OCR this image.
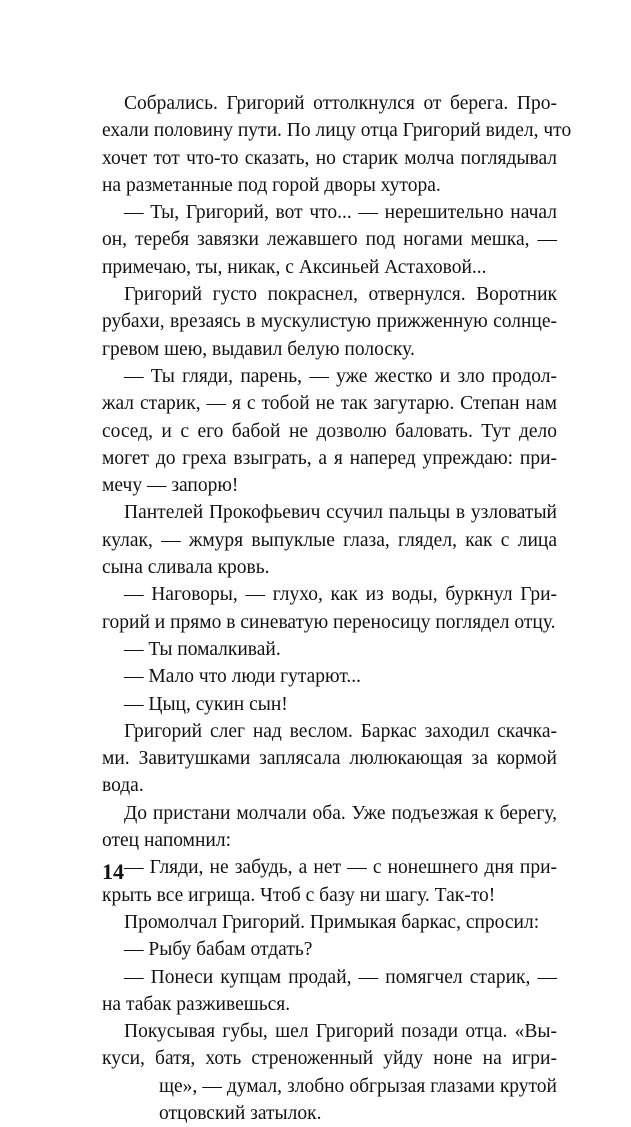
Собрались. Григорий оттолкнулся от берега. Про-
ехали половину пути. По лицу отца Григорий видел, что
хочет тот что-то сказать, но старик молча поглядывал
на разметанные под горой дворы хутора.
— Ты, Григорий, вот что... — нерешительно начал
он, теребя завязки лежавшего под ногами мешка, —
примечаю, ты, никак, с Аксиньей Астаховой...
Григорий густо покраснел, отвернулся. Воротник
рубахи, врезаясь в мускулистую прижженную солнце-
гревом шею, выдавил белую полоску.
— Ты гляди, парень, — уже жестко и зло продол-
жал старик, — я с тобой не так загутарю. Степан нам
сосед, и с его бабой не дозволю баловать. Тут дело
могет до греха взыграть, а я наперед упреждаю: при-
мечу — запорю!
Пантелей Прокофьевич ссучил пальцы в узловатый
кулак, — жмуря выпуклые глаза, глядел, как с лица
сына сливала кровь.
— Наговоры, — глухо, как из воды, буркнул Гри-
горий и прямо в синеватую переносицу поглядел отцу.
— Ты помалкивай.
— Мало что люди гутарют...
— Цыц, сукин сын!
Григорий слег над веслом. Баркас заходил скачка-
ми. Завитушками заплясала люлюкающая за кормой
вода.
До пристани молчали оба. Уже подъезжая к берегу,
отец напомнил:
— Гляди, не забудь, а нет — с нонешнего дня при-
крыть все игрища. Чтоб с базу ни шагу. Так-то!
Промолчал Григорий. Примыкая баркас, спросил:
— Рыбу бабам отдать?
— Понеси купцам продай, — помягчел старик, —
на табак разживешься.
Покусывая губы, шел Григорий позади отца. «Вы-
куси, батя, хоть стреноженный уйду ноне на игри-
ще», — думал, злобно обгрызая глазами крутой
отцовский затылок.
14
